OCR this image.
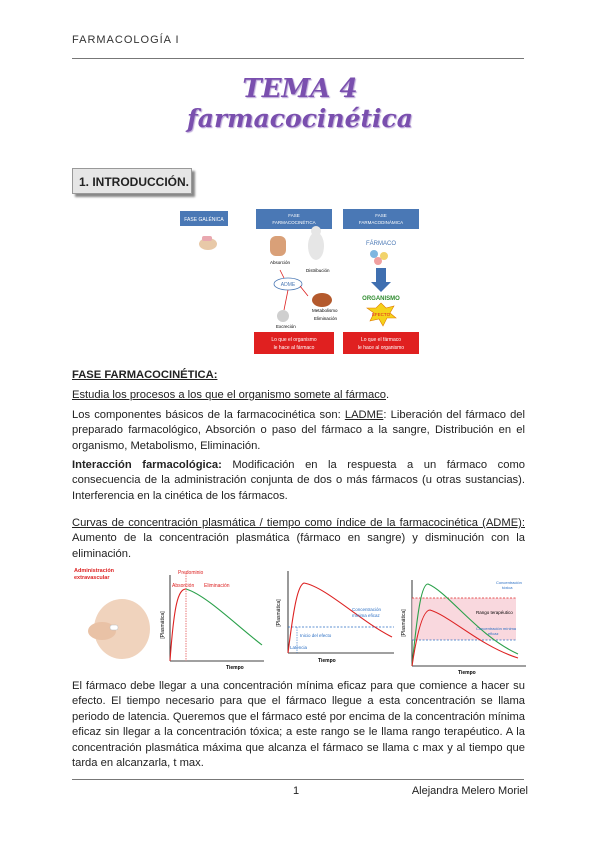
FARMACOLOGÍA I
TEMA 4
farmacocinética
1. INTRODUCCIÓN.
FASE GALÉNICA
FASE
FARMACOCINÉTICA
FASE
FARMACODINÁMICA
Absorción
Distribución
ADME
Metabolismo
Eliminación
Excreción
FÁRMACO
ORGANISMO
EFECTO
Lo que el organismo
le hace al fármaco
Lo que el fármaco
le hace al organismo
FASE FARMACOCINÉTICA:
Estudia los procesos a los que el organismo somete al fármaco.
Los componentes básicos de la farmacocinética son: LADME: Liberación del fármaco del preparado farmacológico, Absorción o paso del fármaco a la sangre, Distribución en el organismo, Metabolismo, Eliminación.
Interacción farmacológica: Modificación en la respuesta a un fármaco como consecuencia de la administración conjunta de dos o más fármacos (u otras sustancias). Interferencia en la cinética de los fármacos.
Curvas de concentración plasmática / tiempo como índice de la farmacocinética (ADME): Aumento de la concentración plasmática (fármaco en sangre) y disminución con la eliminación.
Administración
extravascular
Absorción
Predominio
Eliminación
[Plasmática]
Tiempo
Concentración
mínima eficaz
Inicio del efecto
Latencia
[Plasmática]
Tiempo
Concentración
tóxica
Rango terapéutico
Concentración mínima
eficaz
[Plasmática]
Tiempo
El fármaco debe llegar a una concentración mínima eficaz para que comience a hacer su efecto. El tiempo necesario para que el fármaco llegue a esta concentración se llama periodo de latencia. Queremos que el fármaco esté por encima de la concentración mínima eficaz sin llegar a la concentración tóxica; a este rango se le llama rango terapéutico. A la concentración plasmática máxima que alcanza el fármaco se llama c max y al tiempo que tarda en alcanzarla, t max.
1	Alejandra Melero Moriel
